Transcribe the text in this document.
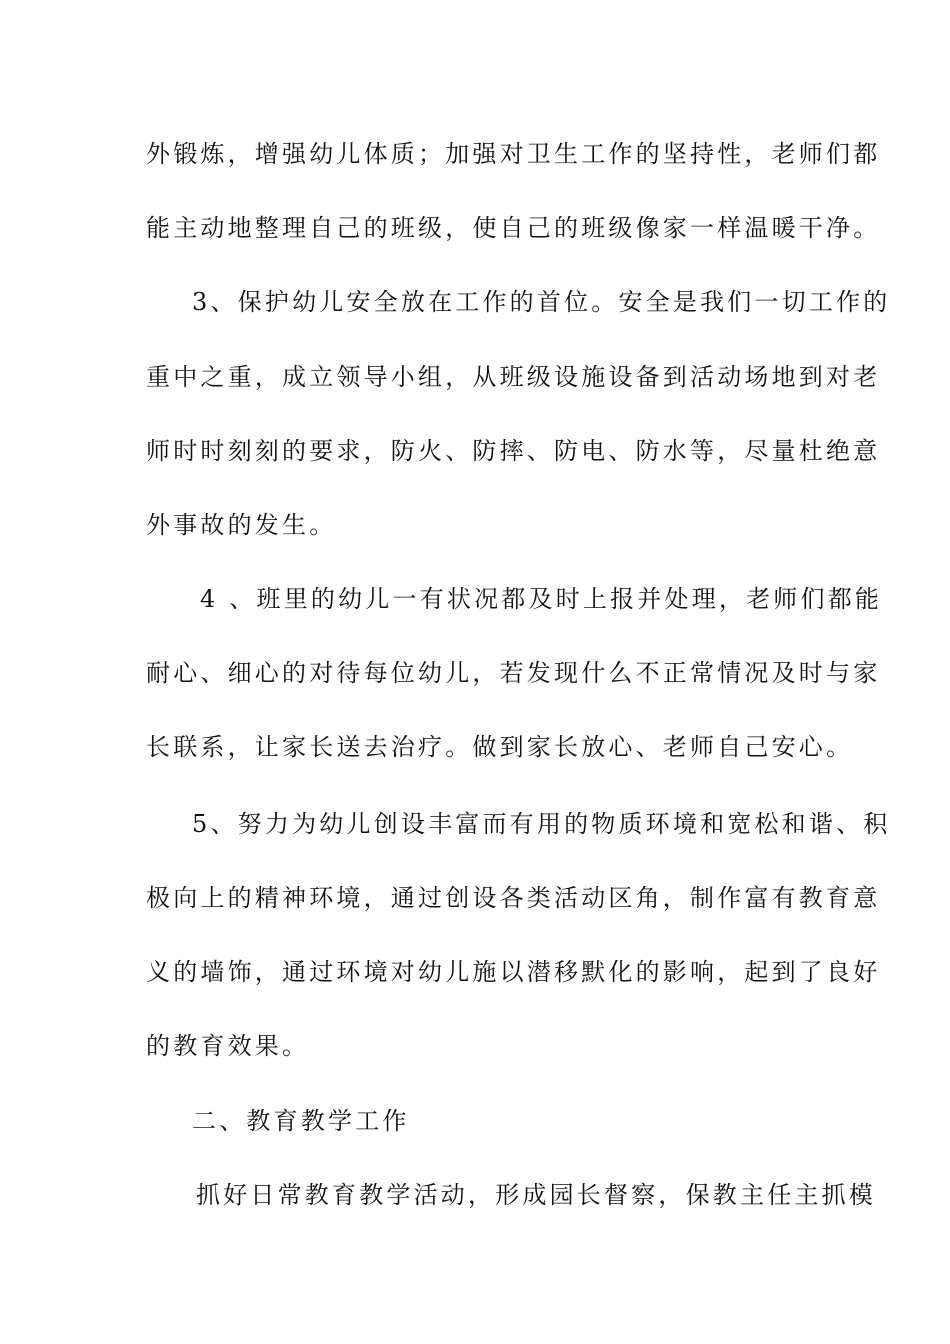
外锻炼，增强幼儿体质；加强对卫生工作的坚持性，老师们都
能主动地整理自己的班级，使自己的班级像家一样温暖干净。
3、保护幼儿安全放在工作的首位。安全是我们一切工作的
重中之重，成立领导小组，从班级设施设备到活动场地到对老
师时时刻刻的要求，防火、防摔、防电、防水等，尽量杜绝意
外事故的发生。
4 、班里的幼儿一有状况都及时上报并处理，老师们都能
耐心、细心的对待每位幼儿，若发现什么不正常情况及时与家
长联系，让家长送去治疗。做到家长放心、老师自己安心。
5、努力为幼儿创设丰富而有用的物质环境和宽松和谐、积
极向上的精神环境，通过创设各类活动区角，制作富有教育意
义的墙饰，通过环境对幼儿施以潜移默化的影响，起到了良好
的教育效果。
二、教育教学工作
抓好日常教育教学活动，形成园长督察，保教主任主抓模
